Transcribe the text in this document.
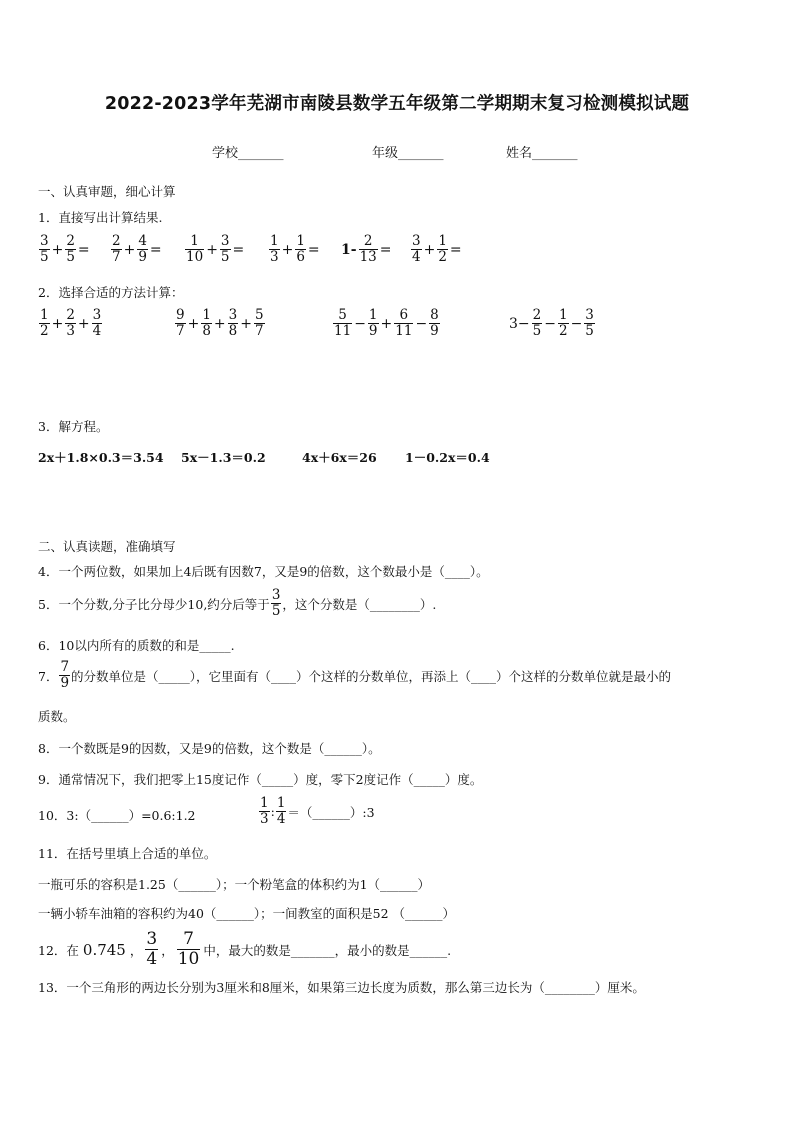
2022-2023学年芜湖市南陵县数学五年级第二学期期末复习检测模拟试题
学校_______	年级_______	姓名_______
一、认真审题，细心计算
1．直接写出计算结果.
$\frac{3}{5} + \frac{2}{5} = \frac{2}{7} + \frac{4}{9} = \frac{1}{10} + \frac{3}{5} = \frac{1}{3} + \frac{1}{6} = 1- \frac{2}{13} = \frac{3}{4} + \frac{1}{2}$ =
2．选择合适的方法计算：
$\frac{1}{2} + \frac{2}{3} + \frac{3}{4}$	$\frac{9}{7} + \frac{1}{8} + \frac{3}{8} + \frac{5}{7}$	$\frac{5}{11} - \frac{1}{9} + \frac{6}{11} - \frac{8}{9}$	$3- \frac{2}{5} - \frac{1}{2} - \frac{3}{5}$
3．解方程。
2x＋1.8×0.3＝3.54 5x－1.3＝0.2	4x＋6x＝26 1－0.2x＝0.4
二、认真读题，准确填写
4．一个两位数，如果加上4后既有因数7，又是9的倍数，这个数最小是（____）。
5．一个分数,分子比分母少10,约分后等于 $\frac{3}{5}$ ，这个分数是（________）.
6．10以内所有的质数的和是_____.
7． $\frac{7}{9}$ 的分数单位是（_____），它里面有（____）个这样的分数单位，再添上（____）个这样的分数单位就是最小的
质数。
8．一个数既是9的因数，又是9的倍数，这个数是（______）。
9．通常情况下，我们把零上15度记作（_____）度，零下2度记作（_____）度。
10．3:（______）=0.6:1.2	$\frac{1}{3}$ : $\frac{1}{4}$ ＝（______）:3
11．在括号里填上合适的单位。
一瓶可乐的容积是1.25（______）；一个粉笔盒的体积约为1（______）
一辆小轿车油箱的容积约为40（______）；一间教室的面积是52 （______）
12．在 0.745 ， $\frac{3}{4}$ ， $\frac{7}{10}$ 中，最大的数是_______，最小的数是______.
13．一个三角形的两边长分别为3厘米和8厘米，如果第三边长度为质数，那么第三边长为（________）厘米。
